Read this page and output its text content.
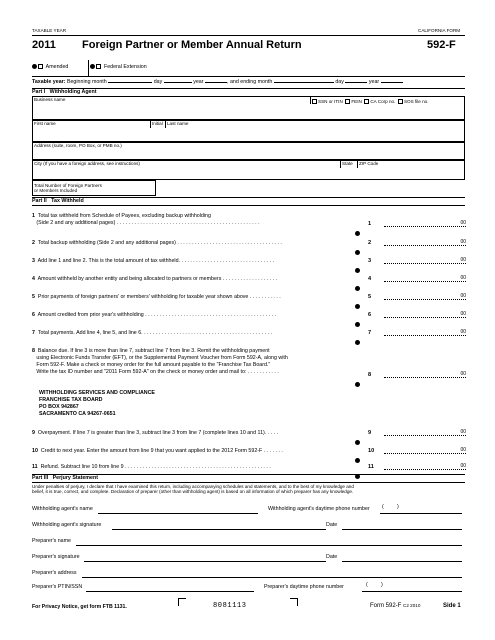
TAXABLE YEAR	CALIFORNIA FORM
2011 Foreign Partner or Member Annual Return	592-F
Amended	Federal Extension
Taxable year: Beginning month	day	year	, and ending month	day	year
Part I Withholding Agent
Business name	SSN or ITIN FEIN CA Corp no. SOS file no.
First name	Initial Last name
Address (suite, room, PO Box, or PMB no.)
City (If you have a foreign address, see instructions)	State ZIP Code
Total Number of Foreign Partners
or Members Included
Part II Tax Withheld
1 Total tax withheld from Schedule of Payees, excluding backup withholding
(Side 2 and any additional pages) . . . . . . . . . . . . . . . . . . . . . . . . . . . . . . . . . . . . . . . . . . . . . . . . .	1	00
2 Total backup withholding (Side 2 and any additional pages) . . . . . . . . . . . . . . . . . . . . . . . . . . . . . . . . . . . .	2	00
3 Add line 1 and line 2. This is the total amount of tax withheld. . . . . . . . . . . . . . . . . . . . . . . . . . . . . . . . .	3	00
4 Amount withheld by another entity and being allocated to partners or members . . . . . . . . . . . . . . . . . . .	4	00
5 Prior payments of foreign partners' or members' withholding for taxable year shown above . . . . . . . . . . .	5	00
6 Amount credited from prior year's withholding . . . . . . . . . . . . . . . . . . . . . . . . . . . . . . . . . . . . . . . . . . . . .	6	00
7 Total payments. Add line 4, line 5, and line 6. . . . . . . . . . . . . . . . . . . . . . . . . . . . . . . . . . . . . . . . . . . . .	7	00
8 Balance due. If line 3 is more than line 7, subtract line 7 from line 3. Remit the withholding payment
using Electronic Funds Transfer (EFT), or the Supplemental Payment Voucher from Form 592-A, along with
Form 592-F. Make a check or money order for the full amount payable to the "Franchise Tax Board."
Write the tax ID number and "2011 Form 592-A" on the check or money order and mail to: . . . . . . . . . . .
8	00
WITHHOLDING SERVICES AND COMPLIANCE
FRANCHISE TAX BOARD
PO BOX 942867
SACRAMENTO CA 94267-0651
9 Overpayment. If line 7 is greater than line 3, subtract line 3 from line 7 (complete lines 10 and 11). . . . .	9	00
10 Credit to next year. Enter the amount from line 9 that you want applied to the 2012 Form 592-F . . . . . . .	10	00
11 Refund. Subtract line 10 from line 9 . . . . . . . . . . . . . . . . . . . . . . . . . . . . . . . . . . . . . . . . . . . . . . . . . .	11	00
Part III Perjury Statement
Under penalties of perjury, I declare that I have examined this return, including accompanying schedules and statements, and to the best of my knowledge and
belief, it is true, correct, and complete. Declaration of preparer (other than withholding agent) is based on all information of which preparer has any knowledge.
Withholding agent's name	Withholding agent's daytime phone number (         )
Withholding agent's signature	Date
Preparer's name
Preparer's signature	Date
Preparer's address
Preparer's PTIN/SSN	Preparer's daytime phone number	(         )
For Privacy Notice, get form FTB 1131.	8081113	Form 592-F C2 2010	Side 1
